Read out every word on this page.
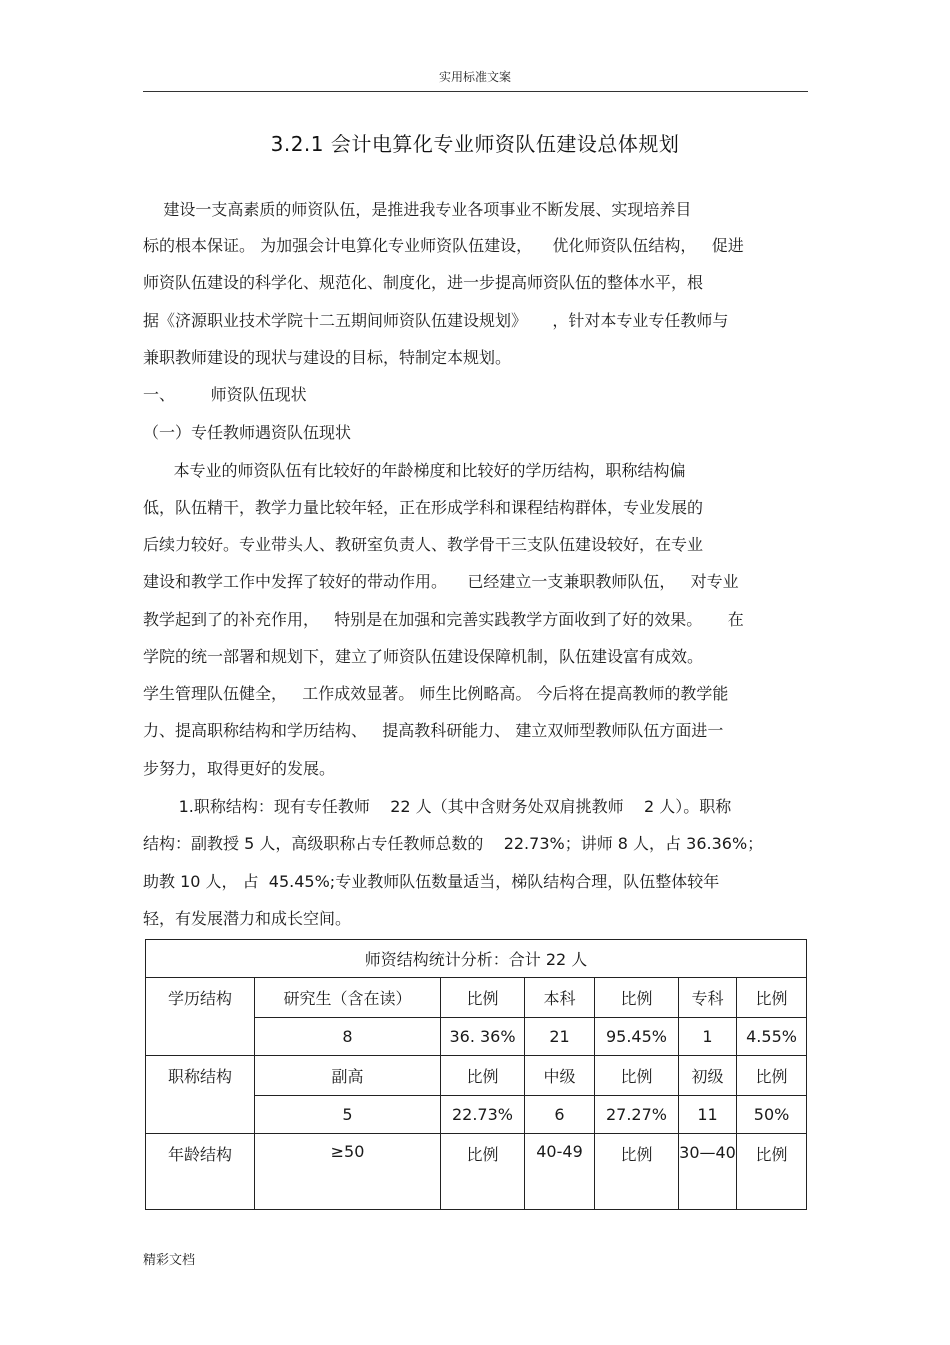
实用标准文案
3.2.1 会计电算化专业师资队伍建设总体规划
建设一支高素质的师资队伍，是推进我专业各项事业不断发展、实现培养目
标的根本保证。 为加强会计电算化专业师资队伍建设，    优化师资队伍结构，   促进
师资队伍建设的科学化、规范化、制度化，进一步提高师资队伍的整体水平，根
据《济源职业技术学院十二五期间师资队伍建设规划》     ，针对本专业专任教师与
兼职教师建设的现状与建设的目标，特制定本规划。
一、       师资队伍现状
（一）专任教师遇资队伍现状
本专业的师资队伍有比较好的年龄梯度和比较好的学历结构，职称结构偏
低，队伍精干，教学力量比较年轻，正在形成学科和课程结构群体，专业发展的
后续力较好。专业带头人、教研室负责人、教学骨干三支队伍建设较好，在专业
建设和教学工作中发挥了较好的带动作用。    已经建立一支兼职教师队伍，   对专业
教学起到了的补充作用，   特别是在加强和完善实践教学方面收到了好的效果。     在
学院的统一部署和规划下，建立了师资队伍建设保障机制，队伍建设富有成效。
学生管理队伍健全，   工作成效显著。 师生比例略高。 今后将在提高教师的教学能
力、提高职称结构和学历结构、   提高教科研能力、 建立双师型教师队伍方面进一
步努力，取得更好的发展。
1.职称结构：现有专任教师    22 人（其中含财务处双肩挑教师    2 人）。职称
结构：副教授 5 人，高级职称占专任教师总数的    22.73%；讲师 8 人，占 36.36%；
助教 10 人， 占  45.45%;专业教师队伍数量适当，梯队结构合理，队伍整体较年
轻，有发展潜力和成长空间。
师资结构统计分析：合计 22 人						
学历结构	研究生（含在读）	比例	本科	比例	专科	比例
	8	36. 36%	21	95.45%	1	4.55%
职称结构	副高	比例	中级	比例	初级	比例
	5	22.73%	6	27.27%	11	50%
年龄结构	≥50	比例	40-49	比例	30—40	比例
精彩文档
